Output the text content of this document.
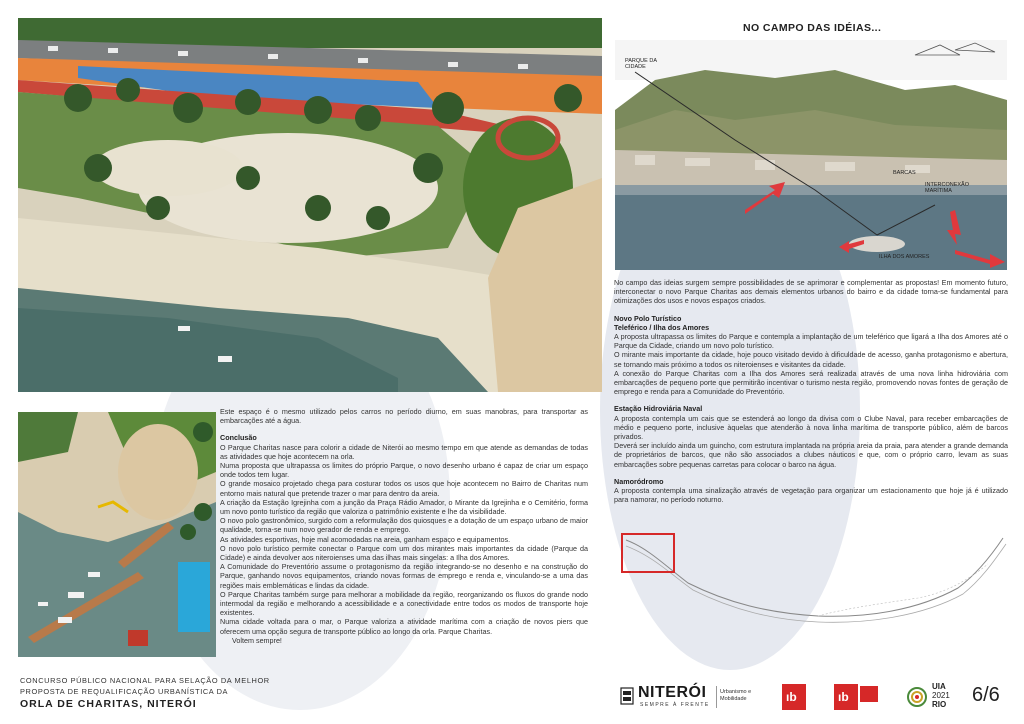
NO CAMPO DAS IDÉIAS...
PARQUE DA CIDADE
BARCAS
INTERCONEXÃO MARÍTIMA
ILHA DOS AMORES

No campo das ideias surgem sempre possibilidades de se aprimorar e complementar as propostas! Em momento futuro, interconectar o novo Parque Charitas aos demais elementos urbanos do bairro e da cidade torna-se fundamental para otimizações dos usos e novos espaços criados.

Novo Polo Turístico

Teleférico / Ilha dos Amores

A proposta ultrapassa os limites do Parque e contempla a implantação de um teleférico que ligará a Ilha dos Amores até o Parque da Cidade, criando um novo polo turístico.

O mirante mais importante da cidade, hoje pouco visitado devido à dificuldade de acesso, ganha protagonismo e abertura, se tornando mais próximo a todos os niteroienses e visitantes da cidade.

A conexão do Parque Charitas com a Ilha dos Amores será realizada através de uma nova linha hidroviária com embarcações de pequeno porte que permitirão incentivar o turismo nesta região, promovendo novas fontes de geração de emprego e renda para a Comunidade do Preventório.

Estação Hidroviária Naval

A proposta contempla um cais que se estenderá ao longo da divisa com o Clube Naval, para receber embarcações de médio e pequeno porte, inclusive àquelas que atenderão à nova linha marítima de transporte público, além de barcos privados.

Deverá ser incluído ainda um guincho, com estrutura implantada na própria areia da praia, para atender a grande demanda de proprietários de barcos, que não são associados a clubes náuticos e que, com o próprio carro, levam as suas embarcações sobre pequenas carretas para colocar o barco na água.

Namoródromo

A proposta contempla uma sinalização através de vegetação para organizar um estacionamento que hoje já é utilizado para namorar, no período noturno.

Este espaço é o mesmo utilizado pelos carros no período diurno, em suas manobras, para transportar as embarcações até a água.

Conclusão

O Parque Charitas nasce para colorir a cidade de Niterói ao mesmo tempo em que atende as demandas de todas as atividades que hoje acontecem na orla.

Numa proposta que ultrapassa os limites do próprio Parque, o novo desenho urbano é capaz de criar um espaço onde todos tem lugar.

O grande mosaico projetado chega para costurar todos os usos que hoje acontecem no Bairro de Charitas num entorno mais natural que pretende trazer o mar para dentro da areia.

A criação da Estação Igrejinha com a junção da Praça Rádio Amador, o Mirante da Igrejinha e o Cemitério, forma um novo ponto turístico da região que valoriza o patrimônio existente e lhe da visibilidade.

O novo polo gastronômico, surgido com a reformulação dos quiosques e a dotação de um espaço urbano de maior qualidade, torna-se num novo gerador de renda e emprego.

As atividades esportivas, hoje mal acomodadas na areia, ganham espaço e equipamentos.

O novo polo turístico permite conectar o Parque com um dos mirantes mais importantes da cidade (Parque da Cidade) e ainda devolver aos niteroienses uma das ilhas mais singelas: a Ilha dos Amores.

A Comunidade do Preventório assume o protagonismo da região integrando-se no desenho e na construção do Parque, ganhando novos equipamentos, criando novas formas de emprego e renda e, vinculando-se a uma das regiões mais emblemáticas e lindas da cidade.

O Parque Charitas também surge para melhorar a mobilidade da região, reorganizando os fluxos do grande nodo intermodal da região e melhorando a acessibilidade e a conectividade entre todos os modos de transporte hoje existentes.

Numa cidade voltada para o mar, o Parque valoriza a atividade marítima com a criação de novos piers que oferecem uma opção segura de transporte público ao longo da orla. Parque Charitas.

Voltem sempre!

CONCURSO PÚBLICO NACIONAL PARA SELAÇÃO DA MELHOR
PROPOSTA DE REQUALIFICAÇÃO URBANÍSTICA DA
ORLA DE CHARITAS, NITERÓI
NITERÓI
SEMPRE À FRENTE
Urbanismo e Mobilidade	ıb	ıb
UIA
2021
RIO 6/6
